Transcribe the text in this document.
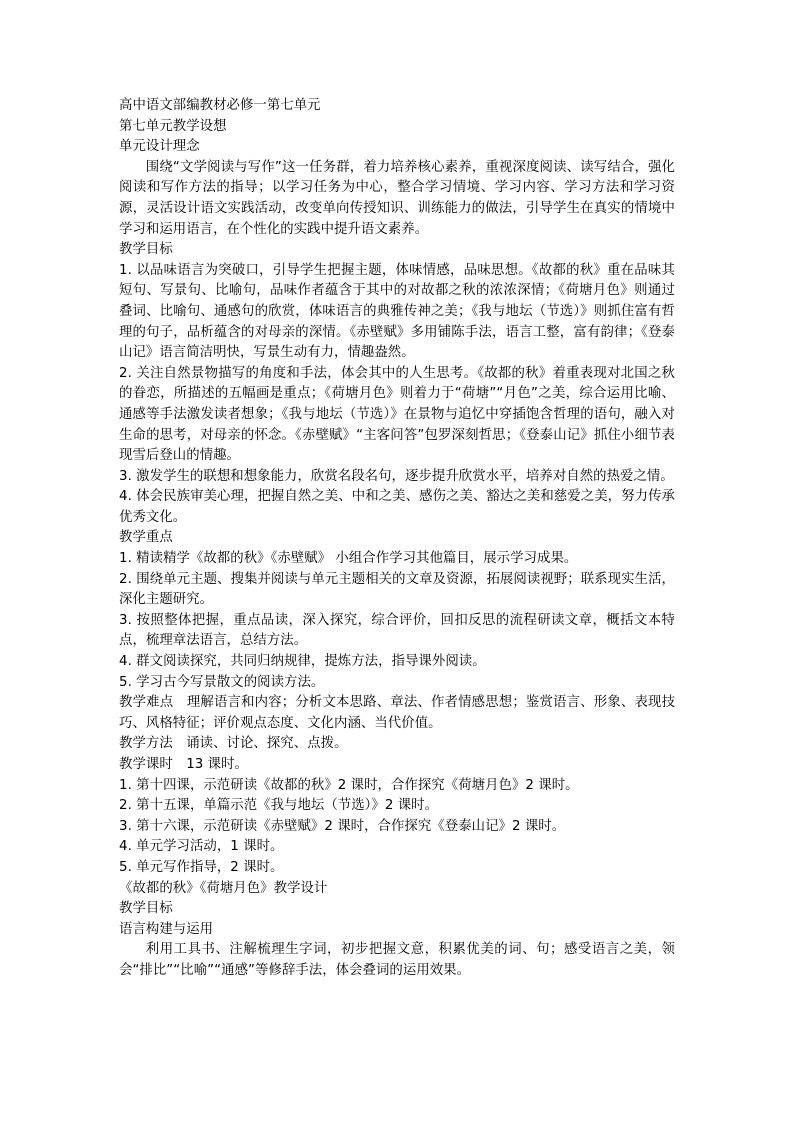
高中语文部编教材必修一第七单元

第七单元教学设想

单元设计理念

围绕“文学阅读与写作”这一任务群，着力培养核心素养，重视深度阅读、读写结合，强化阅读和写作方法的指导；以学习任务为中心，整合学习情境、学习内容、学习方法和学习资源，灵活设计语文实践活动，改变单向传授知识、训练能力的做法，引导学生在真实的情境中学习和运用语言，在个性化的实践中提升语文素养。

教学目标

1. 以品味语言为突破口，引导学生把握主题，体味情感，品味思想。《故都的秋》重在品味其短句、写景句、比喻句，品味作者蕴含于其中的对故都之秋的浓浓深情；《荷塘月色》则通过叠词、比喻句、通感句的欣赏，体味语言的典雅传神之美；《我与地坛（节选）》则抓住富有哲理的句子，品析蕴含的对母亲的深情。《赤壁赋》多用铺陈手法，语言工整，富有韵律；《登泰山记》语言简洁明快，写景生动有力，情趣盎然。

2. 关注自然景物描写的角度和手法，体会其中的人生思考。《故都的秋》着重表现对北国之秋的眷恋，所描述的五幅画是重点；《荷塘月色》则着力于“荷塘”“月色”之美，综合运用比喻、通感等手法激发读者想象；《我与地坛（节选）》在景物与追忆中穿插饱含哲理的语句，融入对生命的思考，对母亲的怀念。《赤壁赋》“主客问答”包罗深刻哲思；《登泰山记》抓住小细节表现雪后登山的情趣。

3. 激发学生的联想和想象能力，欣赏名段名句，逐步提升欣赏水平，培养对自然的热爱之情。

4. 体会民族审美心理，把握自然之美、中和之美、感伤之美、豁达之美和慈爱之美，努力传承优秀文化。

教学重点

1. 精读精学《故都的秋》《赤壁赋》 小组合作学习其他篇目，展示学习成果。

2. 围绕单元主题、搜集并阅读与单元主题相关的文章及资源，拓展阅读视野；联系现实生活，深化主题研究。

3. 按照整体把握，重点品读，深入探究，综合评价，回扣反思的流程研读文章，概括文本特点，梳理章法语言，总结方法。

4. 群文阅读探究，共同归纳规律，提炼方法，指导课外阅读。

5. 学习古今写景散文的阅读方法。

教学难点　 理解语言和内容；分析文本思路、章法、作者情感思想；鉴赏语言、形象、表现技巧、风格特征；评价观点态度、文化内涵、当代价值。

教学方法　 诵读、讨论、探究、点拨。

教学课时　 13 课时。

1. 第十四课，示范研读《故都的秋》2 课时，合作探究《荷塘月色》2 课时。

2. 第十五课，单篇示范《我与地坛（节选）》2 课时。

3. 第十六课，示范研读《赤壁赋》2 课时，合作探究《登泰山记》2 课时。

4. 单元学习活动，1 课时。

5. 单元写作指导，2 课时。

《故都的秋》《荷塘月色》教学设计

教学目标

语言构建与运用

利用工具书、注解梳理生字词，初步把握文意，积累优美的词、句；感受语言之美，领会“排比”“比喻”“通感”等修辞手法，体会叠词的运用效果。
